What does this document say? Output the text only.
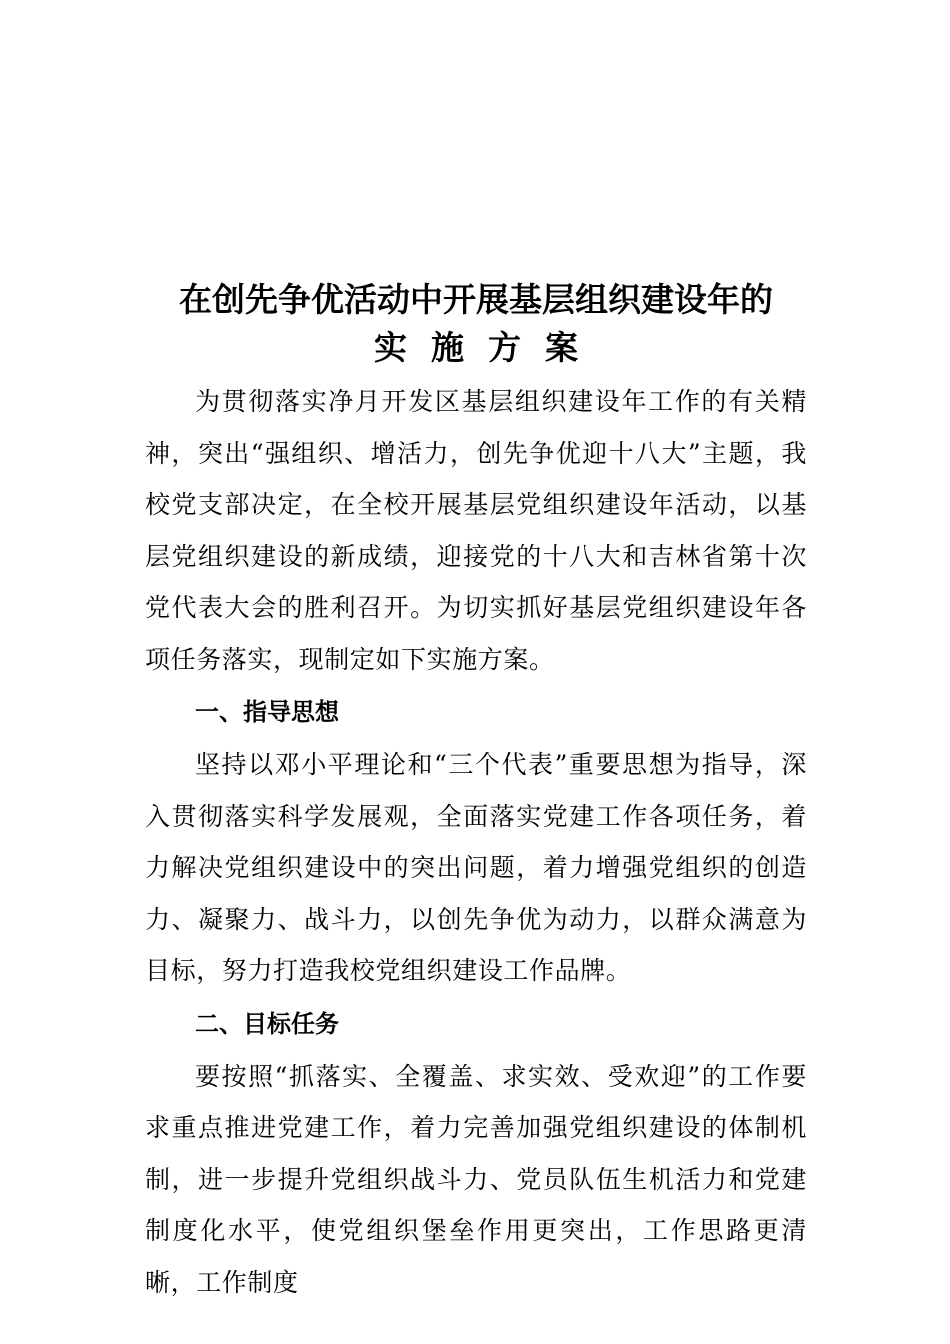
在创先争优活动中开展基层组织建设年的
实施方案

为贯彻落实净月开发区基层组织建设年工作的有关精神，突出“强组织、增活力，创先争优迎十八大”主题，我校党支部决定，在全校开展基层党组织建设年活动，以基层党组织建设的新成绩，迎接党的十八大和吉林省第十次党代表大会的胜利召开。为切实抓好基层党组织建设年各项任务落实，现制定如下实施方案。

一、指导思想

坚持以邓小平理论和“三个代表”重要思想为指导，深入贯彻落实科学发展观，全面落实党建工作各项任务，着力解决党组织建设中的突出问题，着力增强党组织的创造力、凝聚力、战斗力，以创先争优为动力，以群众满意为目标，努力打造我校党组织建设工作品牌。

二、目标任务

要按照“抓落实、全覆盖、求实效、受欢迎”的工作要求重点推进党建工作，着力完善加强党组织建设的体制机制，进一步提升党组织战斗力、党员队伍生机活力和党建制度化水平，使党组织堡垒作用更突出，工作思路更清晰，工作制度
